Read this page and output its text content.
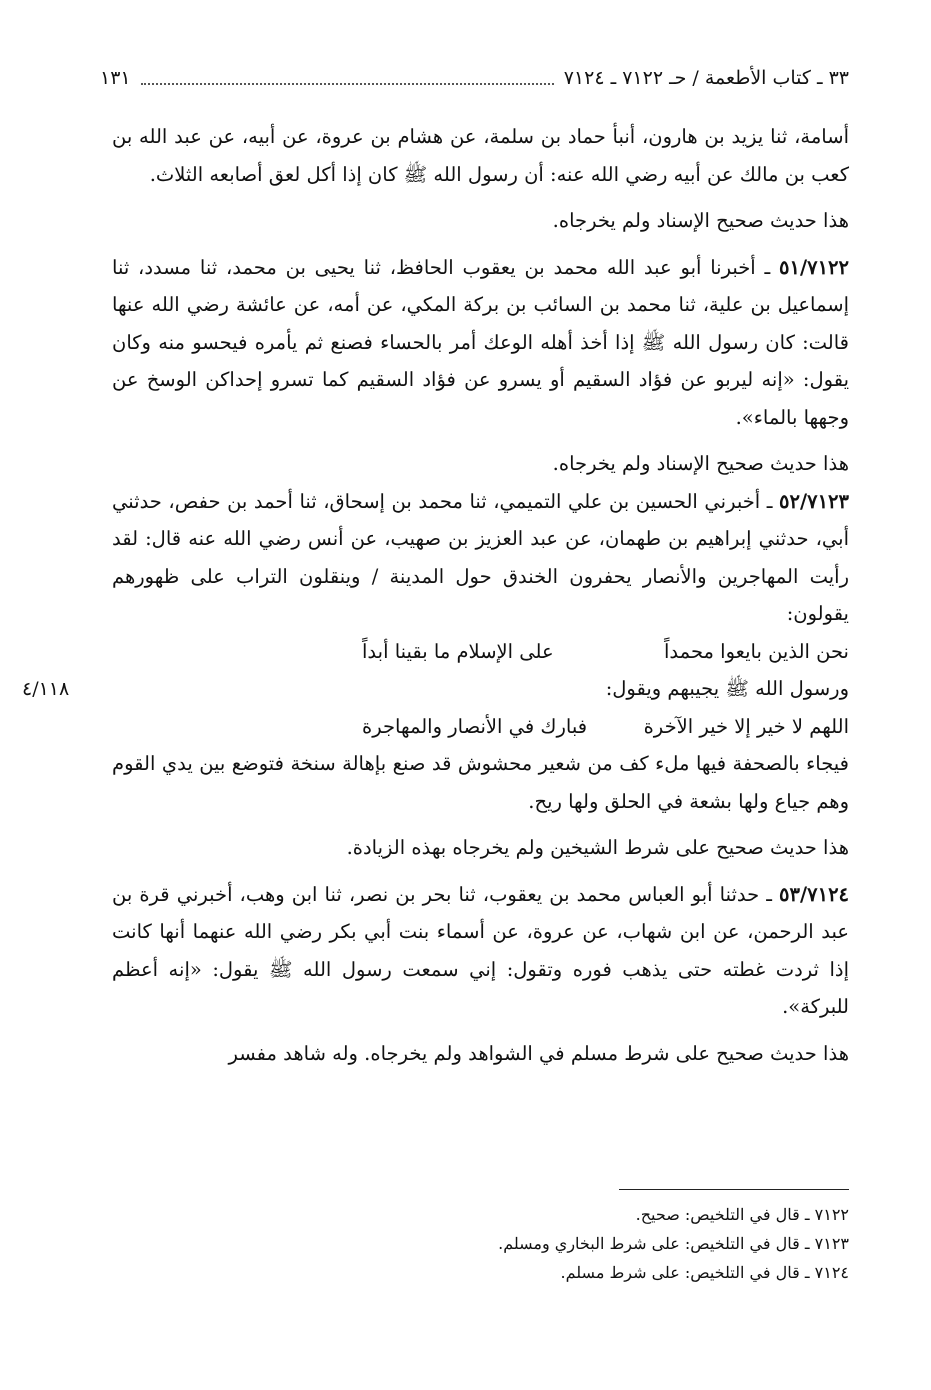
٣٣ ـ كتاب الأطعمة / حـ ٧١٢٢ ـ ٧١٢٤
١٣١

أسامة، ثنا يزيد بن هارون، أنبأ حماد بن سلمة، عن هشام بن عروة، عن أبيه، عن عبد الله بن كعب بن مالك عن أبيه رضي الله عنه: أن رسول الله ﷺ كان إذا أكل لعق أصابعه الثلاث.

هذا حديث صحيح الإسناد ولم يخرجاه.

٥١/٧١٢٢ ـ أخبرنا أبو عبد الله محمد بن يعقوب الحافظ، ثنا يحيى بن محمد، ثنا مسدد، ثنا إسماعيل بن علية، ثنا محمد بن السائب بن بركة المكي، عن أمه، عن عائشة رضي الله عنها قالت: كان رسول الله ﷺ إذا أخذ أهله الوعك أمر بالحساء فصنع ثم يأمره فيحسو منه وكان يقول: «إنه ليربو عن فؤاد السقيم أو يسرو عن فؤاد السقيم كما تسرو إحداكن الوسخ عن وجهها بالماء».

هذا حديث صحيح الإسناد ولم يخرجاه.

٥٢/٧١٢٣ ـ أخبرني الحسين بن علي التميمي، ثنا محمد بن إسحاق، ثنا أحمد بن حفص، حدثني أبي، حدثني إبراهيم بن طهمان، عن عبد العزيز بن صهيب، عن أنس رضي الله عنه قال: لقد رأيت المهاجرين والأنصار يحفرون الخندق حول المدينة / وينقلون التراب على ظهورهم يقولون:

نحن الذين بايعوا محمداً
على الإسلام ما بقينا أبداً

ورسول الله ﷺ يجيبهم ويقول:

اللهم لا خير إلا خير الآخرة
فبارك في الأنصار والمهاجرة

فيجاء بالصحفة فيها ملء كف من شعير محشوش قد صنع بإهالة سنخة فتوضع بين يدي القوم وهم جياع ولها بشعة في الحلق ولها ريح.

هذا حديث صحيح على شرط الشيخين ولم يخرجاه بهذه الزيادة.

٥٣/٧١٢٤ ـ حدثنا أبو العباس محمد بن يعقوب، ثنا بحر بن نصر، ثنا ابن وهب، أخبرني قرة بن عبد الرحمن، عن ابن شهاب، عن عروة، عن أسماء بنت أبي بكر رضي الله عنهما أنها كانت إذا ثردت غطته حتى يذهب فوره وتقول: إني سمعت رسول الله ﷺ يقول: «إنه أعظم للبركة».

هذا حديث صحيح على شرط مسلم في الشواهد ولم يخرجاه. وله شاهد مفسر

٤/١١٨
٧١٢٢ ـ قال في التلخيص: صحيح.
٧١٢٣ ـ قال في التلخيص: على شرط البخاري ومسلم.
٧١٢٤ ـ قال في التلخيص: على شرط مسلم.
